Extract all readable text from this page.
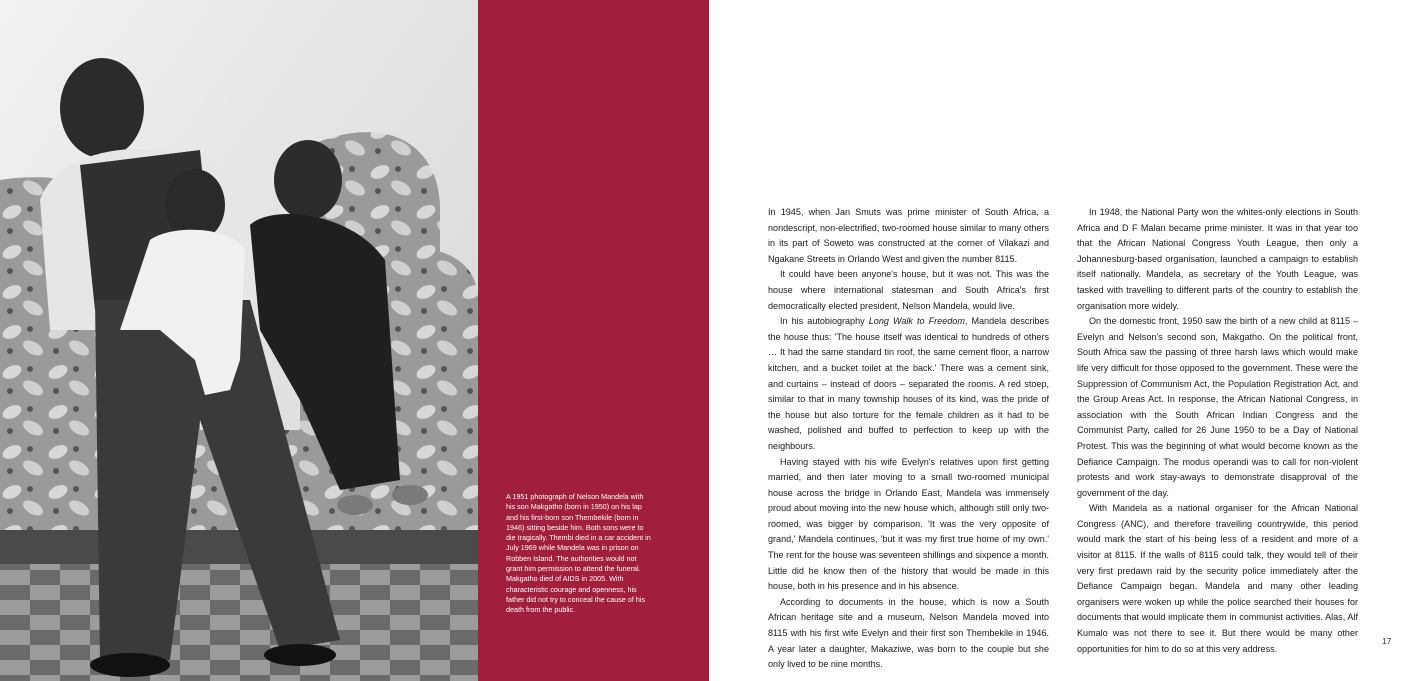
A 1951 photograph of Nelson Mandela with his son Makgatho (born in 1950) on his lap and his first-born son Thembekile (born in 1946) sitting beside him. Both sons were to die tragically. Thembi died in a car accident in July 1969 while Mandela was in prison on Robben Island. The authorities would not grant him permission to attend the funeral. Makgatho died of AIDS in 2005. With characteristic courage and openness, his father did not try to conceal the cause of his death from the public.

In 1945, when Jan Smuts was prime minister of South Africa, a nondescript, non-electrified, two-roomed house similar to many others in its part of Soweto was constructed at the corner of Vilakazi and Ngakane Streets in Orlando West and given the number 8115.

It could have been anyone's house, but it was not. This was the house where international statesman and South Africa's first democratically elected president, Nelson Mandela, would live.

In his autobiography Long Walk to Freedom, Mandela describes the house thus: 'The house itself was identical to hundreds of others … It had the same standard tin roof, the same cement floor, a narrow kitchen, and a bucket toilet at the back.' There was a cement sink, and curtains – instead of doors – separated the rooms. A red stoep, similar to that in many township houses of its kind, was the pride of the house but also torture for the female children as it had to be washed, polished and buffed to perfection to keep up with the neighbours.

Having stayed with his wife Evelyn's relatives upon first getting married, and then later moving to a small two-roomed municipal house across the bridge in Orlando East, Mandela was immensely proud about moving into the new house which, although still only two-roomed, was bigger by comparison. 'It was the very opposite of grand,' Mandela continues, 'but it was my first true home of my own.' The rent for the house was seventeen shillings and sixpence a month. Little did he know then of the history that would be made in this house, both in his presence and in his absence.

According to documents in the house, which is now a South African heritage site and a museum, Nelson Mandela moved into 8115 with his first wife Evelyn and their first son Thembekile in 1946. A year later a daughter, Makaziwe, was born to the couple but she only lived to be nine months.

In 1948, the National Party won the whites-only elections in South Africa and D F Malan became prime minister. It was in that year too that the African National Congress Youth League, then only a Johannesburg-based organisation, launched a campaign to establish itself nationally. Mandela, as secretary of the Youth League, was tasked with travelling to different parts of the country to establish the organisation more widely.

On the domestic front, 1950 saw the birth of a new child at 8115 – Evelyn and Nelson's second son, Makgatho. On the political front, South Africa saw the passing of three harsh laws which would make life very difficult for those opposed to the government. These were the Suppression of Communism Act, the Population Registration Act, and the Group Areas Act. In response, the African National Congress, in association with the South African Indian Congress and the Communist Party, called for 26 June 1950 to be a Day of National Protest. This was the beginning of what would become known as the Defiance Campaign. The modus operandi was to call for non-violent protests and work stay-aways to demonstrate disapproval of the government of the day.

With Mandela as a national organiser for the African National Congress (ANC), and therefore travelling countrywide, this period would mark the start of his being less of a resident and more of a visitor at 8115. If the walls of 8115 could talk, they would tell of their very first predawn raid by the security police immediately after the Defiance Campaign began. Mandela and many other leading organisers were woken up while the police searched their houses for documents that would implicate them in communist activities. Alas, Alf Kumalo was not there to see it. But there would be many other opportunities for him to do so at this very address.

17
